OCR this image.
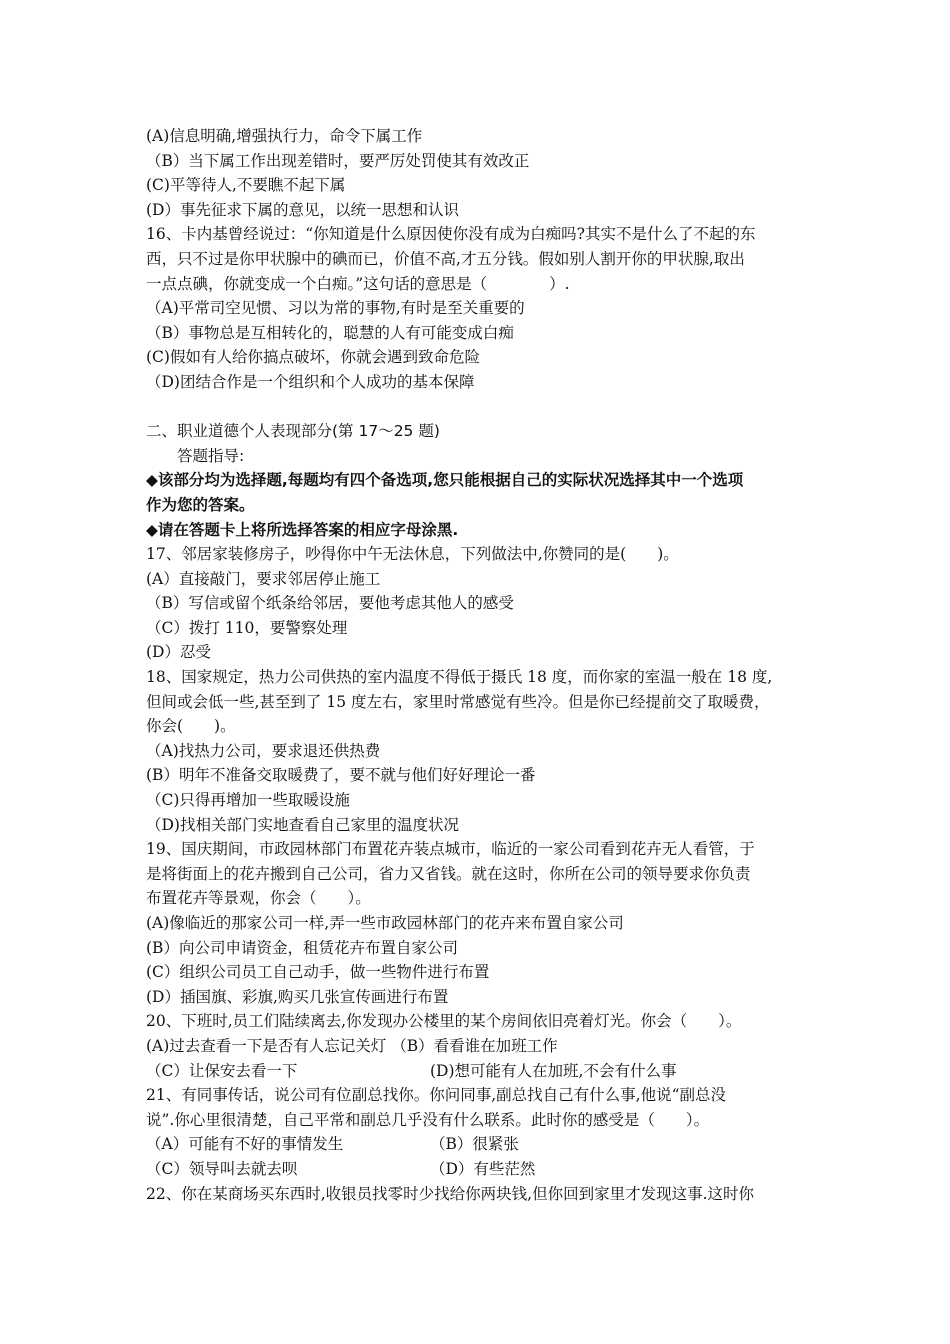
(A)信息明确,增强执行力，命令下属工作
（B）当下属工作出现差错时，要严厉处罚使其有效改正
(C)平等待人,不要瞧不起下属
(D）事先征求下属的意见，以统一思想和认识
16、卡内基曾经说过：“你知道是什么原因使你没有成为白痴吗?其实不是什么了不起的东
西，只不过是你甲状腺中的碘而已，价值不高,才五分钱。假如别人割开你的甲状腺,取出
一点点碘，你就变成一个白痴。”这句话的意思是（　　　　）.
（A)平常司空见惯、习以为常的事物,有时是至关重要的
（B）事物总是互相转化的，聪慧的人有可能变成白痴
(C)假如有人给你搞点破坏，你就会遇到致命危险
（D)团结合作是一个组织和个人成功的基本保障
二、职业道德个人表现部分(第 17～25 题)
答题指导:
◆该部分均为选择题,每题均有四个备选项,您只能根据自己的实际状况选择其中一个选项
作为您的答案。
◆请在答题卡上将所选择答案的相应字母涂黑.
17、邻居家装修房子，吵得你中午无法休息，下列做法中,你赞同的是(　　)。
(A）直接敲门，要求邻居停止施工
（B）写信或留个纸条给邻居，要他考虑其他人的感受
（C）拨打 110，要警察处理
(D）忍受
18、国家规定，热力公司供热的室内温度不得低于摄氏 18 度，而你家的室温一般在 18 度,
但间或会低一些,甚至到了 15 度左右，家里时常感觉有些冷。但是你已经提前交了取暖费，
你会(　　)。
（A)找热力公司，要求退还供热费
(B）明年不准备交取暖费了，要不就与他们好好理论一番
（C)只得再增加一些取暖设施
（D)找相关部门实地查看自己家里的温度状况
19、国庆期间，市政园林部门布置花卉装点城市，临近的一家公司看到花卉无人看管，于
是将街面上的花卉搬到自己公司，省力又省钱。就在这时，你所在公司的领导要求你负责
布置花卉等景观，你会（　　）。
(A)像临近的那家公司一样,弄一些市政园林部门的花卉来布置自家公司
(B）向公司申请资金，租赁花卉布置自家公司
(C）组织公司员工自己动手，做一些物件进行布置
(D）插国旗、彩旗,购买几张宣传画进行布置
20、下班时,员工们陆续离去,你发现办公楼里的某个房间依旧亮着灯光。你会（　　）。
(A)过去查看一下是否有人忘记关灯 （B）看看谁在加班工作
（C）让保安去看一下	(D)想可能有人在加班,不会有什么事
21、有同事传话，说公司有位副总找你。你问同事,副总找自己有什么事,他说“副总没
说”.你心里很清楚，自己平常和副总几乎没有什么联系。此时你的感受是（　　）。
（A）可能有不好的事情发生	（B）很紧张
（C）领导叫去就去呗	（D）有些茫然
22、你在某商场买东西时,收银员找零时少找给你两块钱,但你回到家里才发现这事.这时你
